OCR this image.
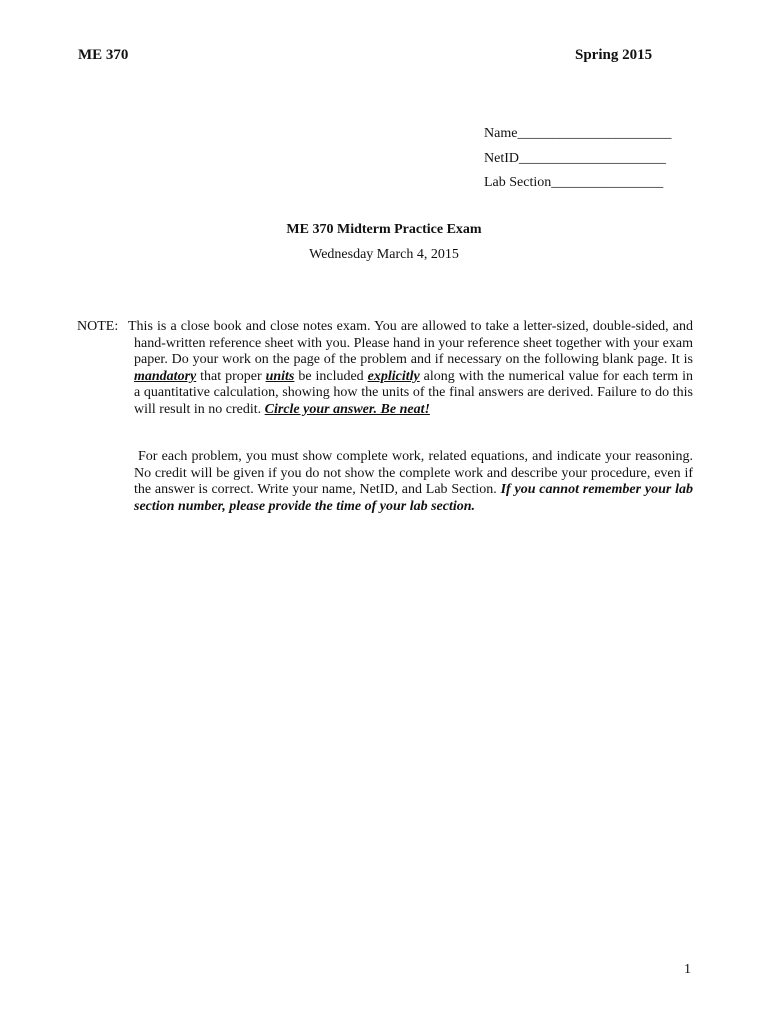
ME 370	Spring 2015
Name______________________
NetID_____________________
Lab Section________________
ME 370 Midterm Practice Exam
Wednesday March 4, 2015
NOTE: This is a close book and close notes exam. You are allowed to take a letter-sized, double-sided, and hand-written reference sheet with you. Please hand in your reference sheet together with your exam paper. Do your work on the page of the problem and if necessary on the following blank page. It is mandatory that proper units be included explicitly along with the numerical value for each term in a quantitative calculation, showing how the units of the final answers are derived. Failure to do this will result in no credit. Circle your answer. Be neat!

For each problem, you must show complete work, related equations, and indicate your reasoning. No credit will be given if you do not show the complete work and describe your procedure, even if the answer is correct. Write your name, NetID, and Lab Section. If you cannot remember your lab section number, please provide the time of your lab section.

1
